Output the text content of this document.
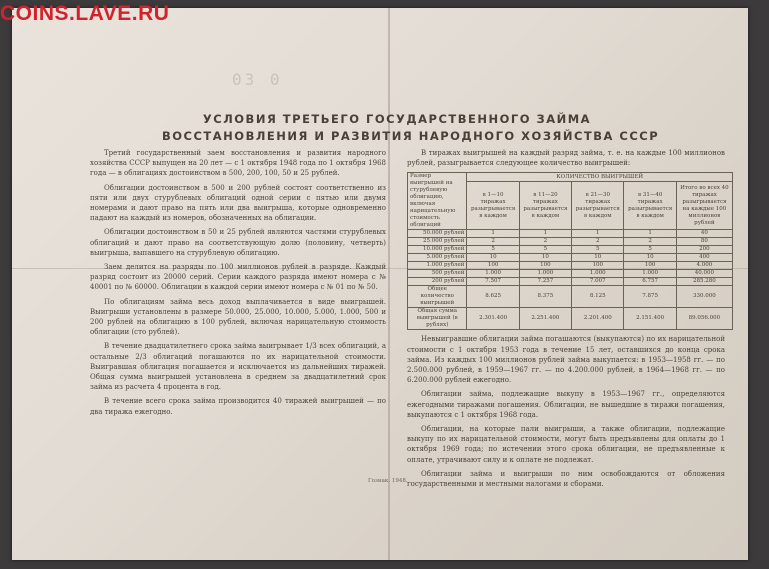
03 0
УСЛОВИЯ ТРЕТЬЕГО ГОСУДАРСТВЕННОГО ЗАЙМА
ВОССТАНОВЛЕНИЯ И РАЗВИТИЯ НАРОДНОГО ХОЗЯЙСТВА СССР

Третий государственный заем восстановления и развития народного хозяйства СССР выпущен на 20 лет — с 1 октября 1948 года по 1 октября 1968 года — в облигациях достоинством в 500, 200, 100, 50 и 25 рублей.

Облигации достоинством в 500 и 200 рублей состоят соответственно из пяти или двух стурублевых облигаций одной серии с пятью или двумя номерами и дают право на пять или два выигрыша, которые одновременно падают на каждый из номеров, обозначенных на облигации.

Облигации достоинством в 50 и 25 рублей являются частями стурублевых облигаций и дают право на соответствующую долю (половину, четверть) выигрыша, выпавшего на стурублевую облигацию.

Заем делится на разряды по 100 миллионов рублей в разряде. Каждый разряд состоит из 20000 серий. Серии каждого разряда имеют номера с № 40001 по № 60000. Облигации в каждой серии имеют номера с № 01 по № 50.

По облигациям займа весь доход выплачивается в виде выигрышей. Выигрыши установлены в размере 50.000, 25.000, 10.000, 5.000, 1.000, 500 и 200 рублей на облигацию в 100 рублей, включая нарицательную стоимость облигации (сто рублей).

В течение двадцатилетнего срока займа выигрывает 1/3 всех облигаций, а остальные 2/3 облигаций погашаются по их нарицательной стоимости. Выигравшая облигация погашается и исключается из дальнейших тиражей. Общая сумма выигрышей установлена в среднем за двадцатилетний срок займа из расчета 4 процента в год.

В течение всего срока займа производится 40 тиражей выигрышей — по два тиража ежегодно.

В тиражах выигрышей на каждый разряд займа, т. е. на каждые 100 миллионов рублей, разыгрывается следующее количество выигрышей:

Размер выигрышей на стурублевую облигацию, включая нарицательную стоимость облигаций	КОЛИЧЕСТВО ВЫИГРЫШЕЙ				
	в 1—10 тиражах разыгрывается в каждом	в 11—20 тиражах разыгрывается в каждом	в 21—30 тиражах разыгрывается в каждом	в 31—40 тиражах разыгрывается в каждом	Итого во всех 40 тиражах разыгрывается на каждые 100 миллионов рублей
50.000 рублей	1	1	1	1	40
25.000 рублей	2	2	2	2	80
10.000 рублей	5	5	5	5	200
5.000 рублей	10	10	10	10	400
1.000 рублей	100	100	100	100	4.000
500 рублей	1.000	1.000	1.000	1.000	40.000
200 рублей	7.507	7.257	7.007	6.757	285.280
Общее количество выигрышей	8.625	8.375	8.125	7.875	330.000
Общая сумма выигрышей (в рублях)	2.301.400	2.251.400	2.201.400	2.151.400	89.056.000

Невыигравшие облигации займа погашаются (выкупаются) по их нарицательной стоимости с 1 октября 1953 года в течение 15 лет, оставшихся до конца срока займа. Из каждых 100 миллионов рублей займа выкупается: в 1953—1958 гг. — по 2.500.000 рублей, в 1959—1967 гг. — по 4.200.000 рублей, в 1964—1968 гг. — по 6.200.000 рублей ежегодно.

Облигации займа, подлежащие выкупу в 1953—1967 гг., определяются ежегодными тиражами погашения. Облигации, не вышедшие в тиражи погашения, выкупаются с 1 октября 1968 года.

Облигации, на которые пали выигрыши, а также облигации, подлежащие выкупу по их нарицательной стоимости, могут быть предъявлены для оплаты до 1 октября 1969 года; по истечении этого срока облигации, не предъявленные к оплате, утрачивают силу и к оплате не подлежат.

Облигации займа и выигрыши по ним освобождаются от обложения государственными и местными налогами и сборами.

Гознак. 1948.
COINS.LAVE.RU
